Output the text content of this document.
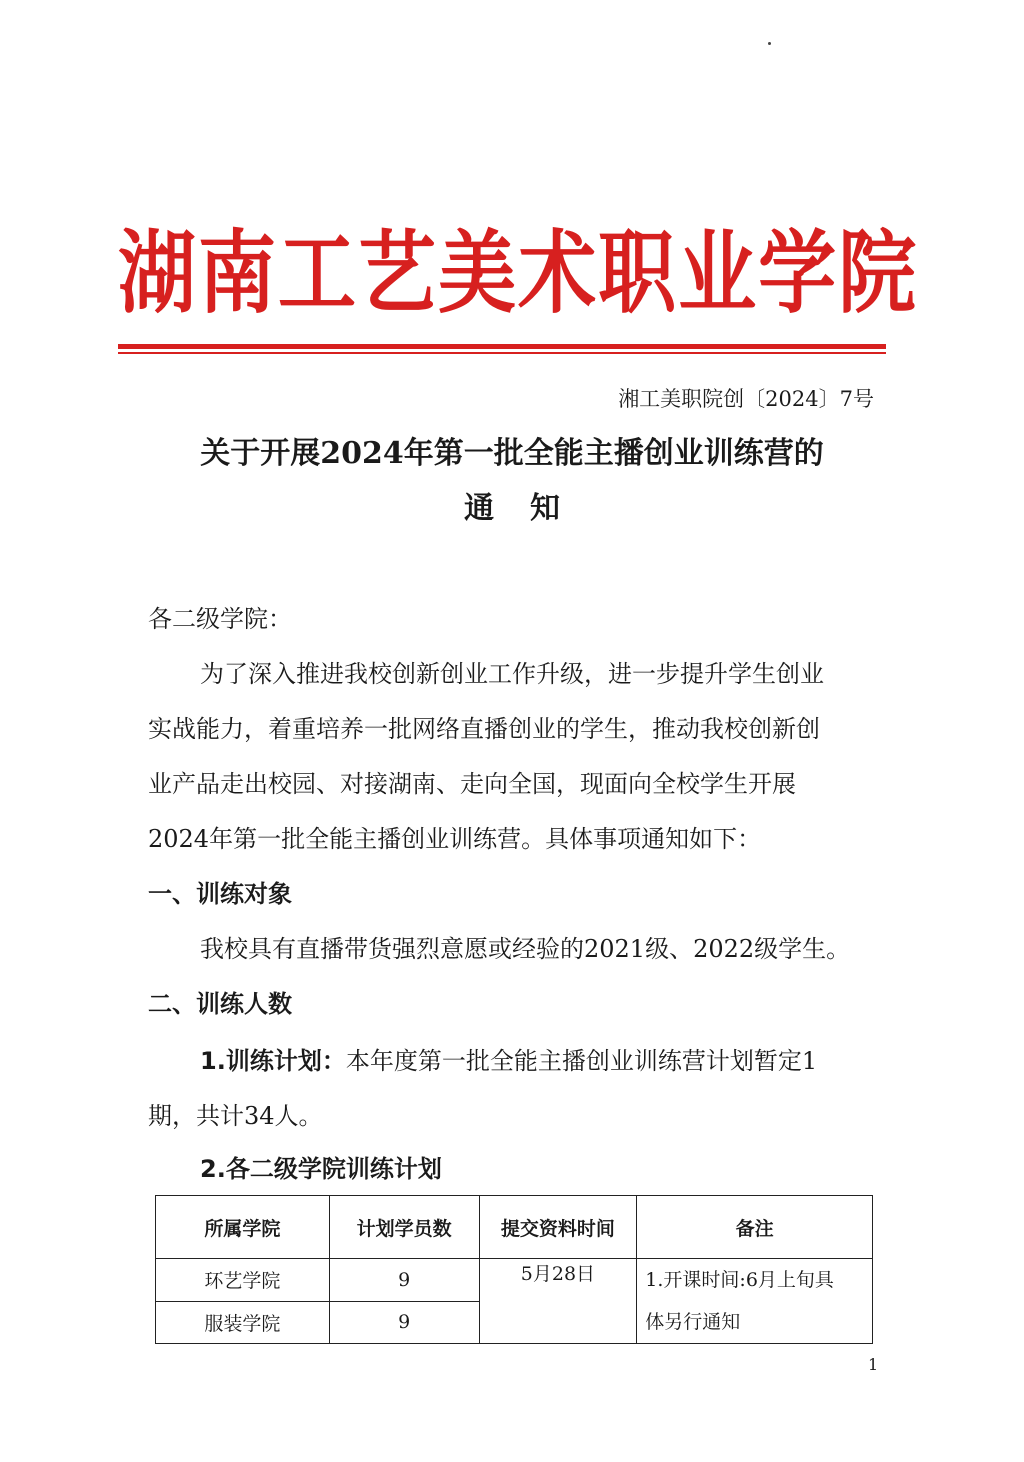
湖 南 工 艺 美 术 职 业 学 院
湘工美职院创〔2024〕7号
关于开展2024年第一批全能主播创业训练营的
通知
各二级学院：
为了深入推进我校创新创业工作升级，进一步提升学生创业
实战能力，着重培养一批网络直播创业的学生，推动我校创新创
业产品走出校园、对接湖南、走向全国，现面向全校学生开展
2024年第一批全能主播创业训练营。具体事项通知如下：
一、训练对象
我校具有直播带货强烈意愿或经验的2021级、2022级学生。
二、训练人数
1.训练计划：本年度第一批全能主播创业训练营计划暂定1
期，共计34人。
2.各二级学院训练计划
所属学院	计划学员数	提交资料时间	备注
环艺学院	9	5月28日	1.开课时间:6月上旬具
体另行通知

服装学院	9		
1
